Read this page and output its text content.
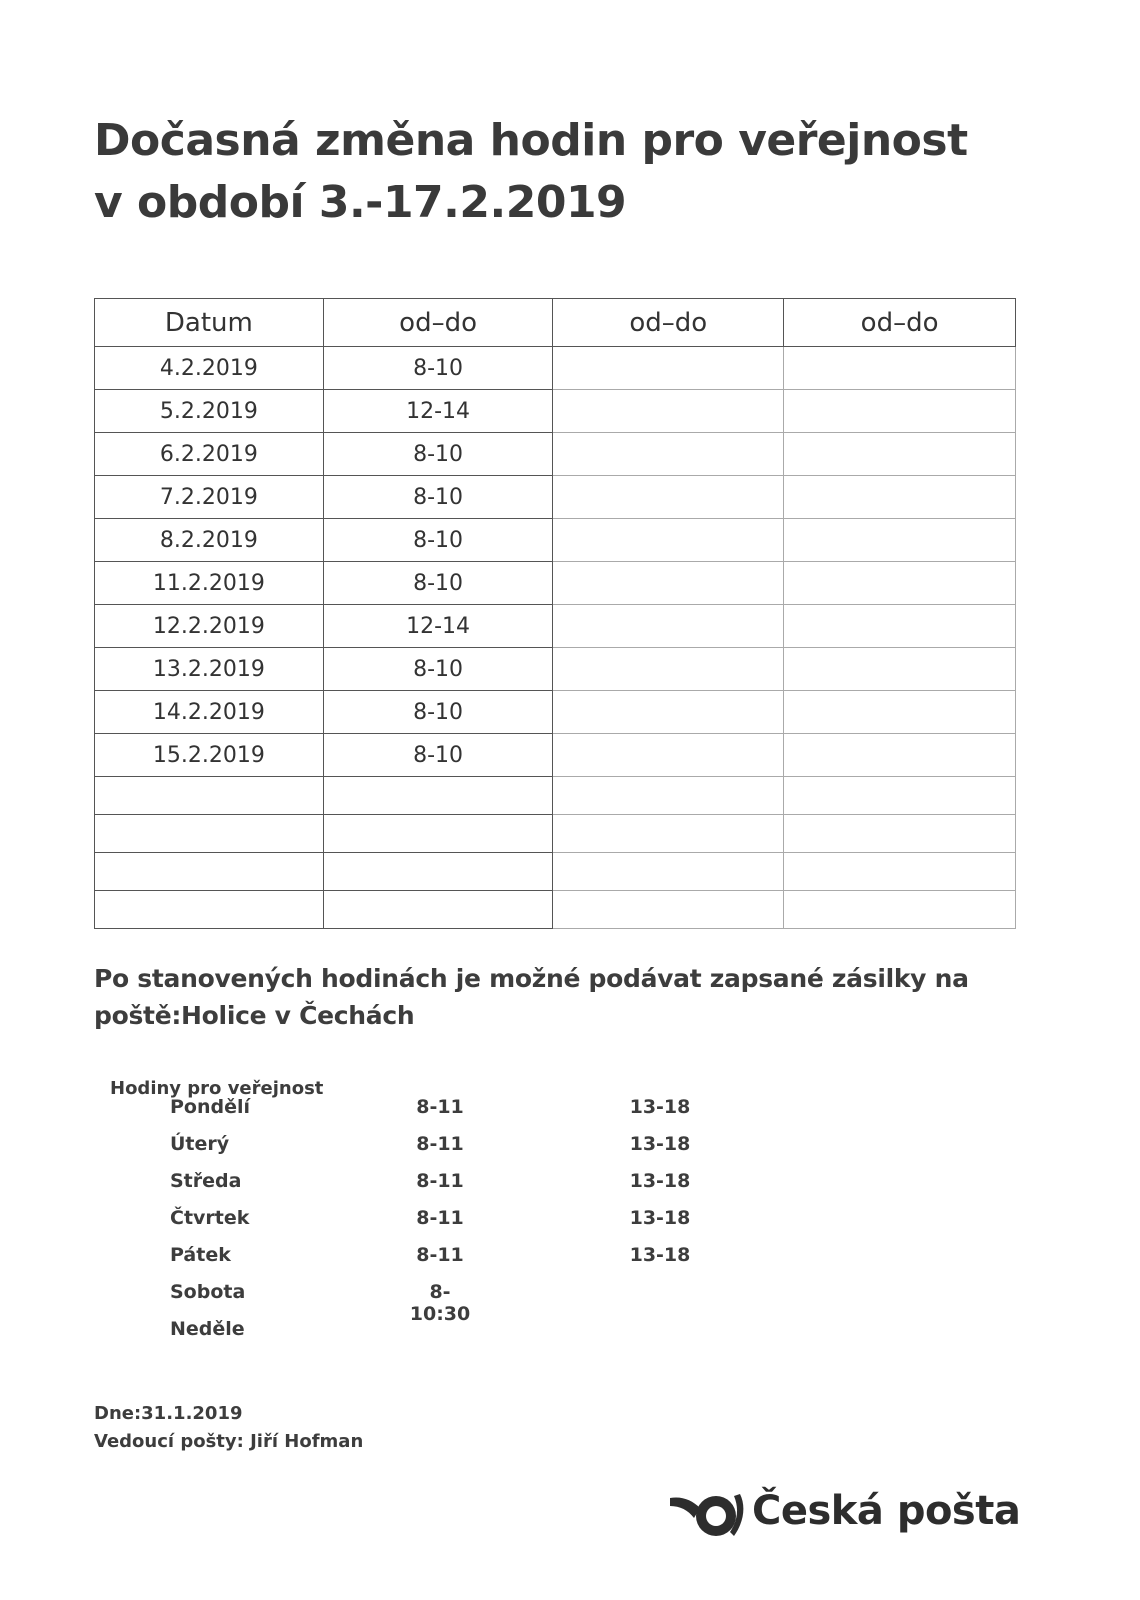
Dočasná změna hodin pro veřejnost
v období 3.-17.2.2019
Datum	od–do	od–do	od–do
4.2.2019	8-10		
5.2.2019	12-14		
6.2.2019	8-10		
7.2.2019	8-10		
8.2.2019	8-10		
11.2.2019	8-10		
12.2.2019	12-14		
13.2.2019	8-10		
14.2.2019	8-10		
15.2.2019	8-10		

Po stanovených hodinách je možné podávat zapsané zásilky na
poště:Holice v Čechách
Hodiny pro veřejnost
Pondělí	8-11	13-18
Úterý	8-11	13-18
Středa	8-11	13-18
Čtvrtek	8-11	13-18
Pátek	8-11	13-18
Sobota	8-10:30
Neděle
Dne:31.1.2019
Vedoucí pošty: Jiří Hofman
Česká pošta
